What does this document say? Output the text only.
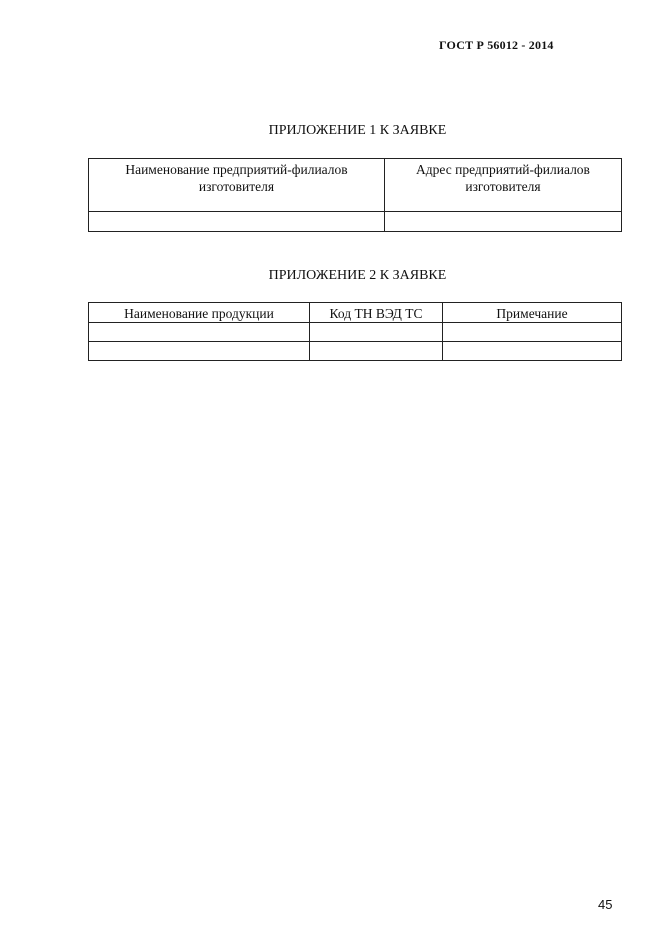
ГОСТ Р 56012 - 2014
ПРИЛОЖЕНИЕ 1 К ЗАЯВКЕ
Наименование предприятий-филиалов изготовителя	Адрес предприятий-филиалов изготовителя

ПРИЛОЖЕНИЕ 2 К ЗАЯВКЕ
Наименование продукции	Код ТН ВЭД ТС	Примечание

45
